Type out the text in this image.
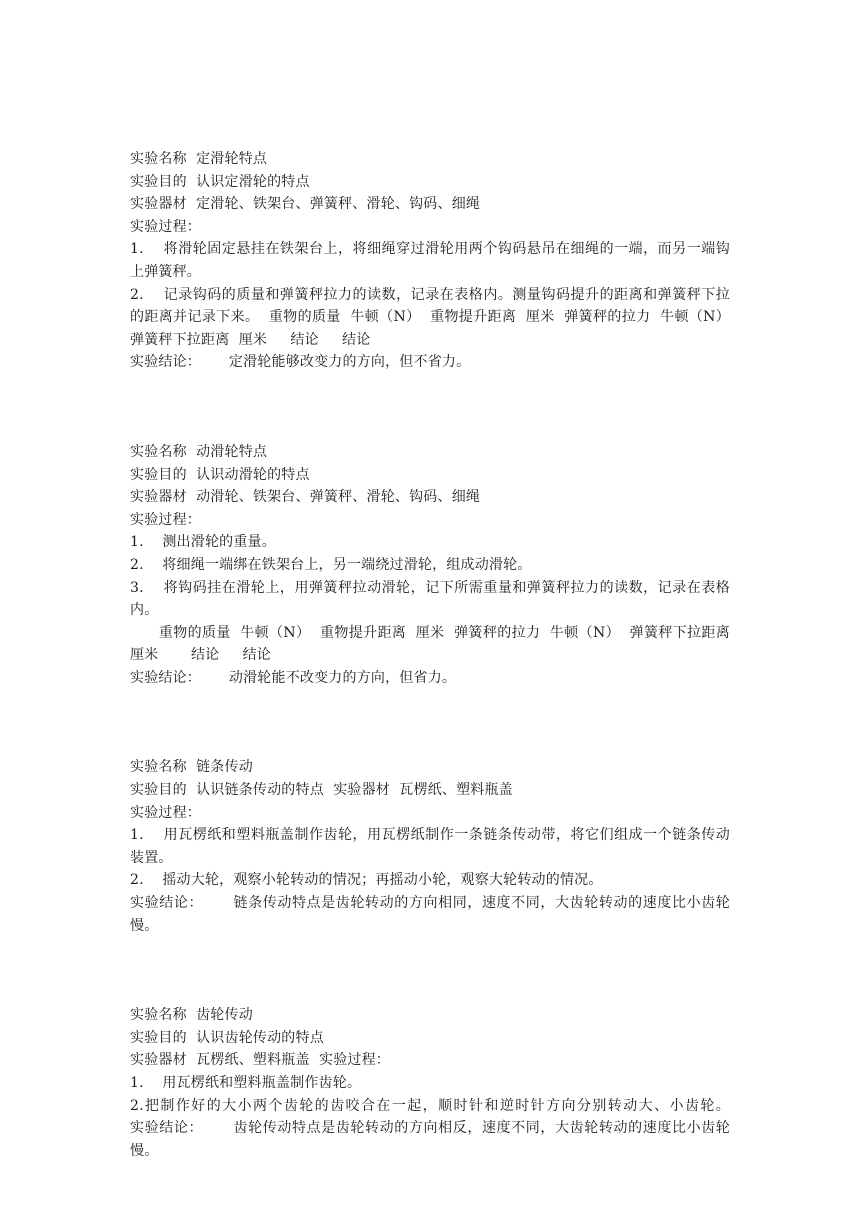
实验名称  定滑轮特点
实验目的  认识定滑轮的特点
实验器材  定滑轮、铁架台、弹簧秤、滑轮、钩码、细绳
实验过程：
1.    将滑轮固定悬挂在铁架台上，将细绳穿过滑轮用两个钩码悬吊在细绳的一端，而另一端钩上弹簧秤。
2.    记录钩码的质量和弹簧秤拉力的读数，记录在表格内。测量钩码提升的距离和弹簧秤下拉的距离并记录下来。  重物的质量  牛顿（N）  重物提升距离  厘米  弹簧秤的拉力  牛顿（N）   弹簧秤下拉距离  厘米     结论     结论
实验结论：      定滑轮能够改变力的方向，但不省力。
实验名称  动滑轮特点
实验目的  认识动滑轮的特点
实验器材  动滑轮、铁架台、弹簧秤、滑轮、钩码、细绳
实验过程：
1.    测出滑轮的重量。
2.    将细绳一端绑在铁架台上，另一端绕过滑轮，组成动滑轮。
3.    将钩码挂在滑轮上，用弹簧秤拉动滑轮，记下所需重量和弹簧秤拉力的读数，记录在表格内。
重物的质量  牛顿（N）  重物提升距离  厘米  弹簧秤的拉力  牛顿（N）  弹簧秤下拉距离  厘米       结论     结论
实验结论：      动滑轮能不改变力的方向，但省力。
实验名称  链条传动
实验目的  认识链条传动的特点  实验器材  瓦楞纸、塑料瓶盖
实验过程：
1.    用瓦楞纸和塑料瓶盖制作齿轮，用瓦楞纸制作一条链条传动带，将它们组成一个链条传动装置。
2.    摇动大轮，观察小轮转动的情况；再摇动小轮，观察大轮转动的情况。
实验结论：      链条传动特点是齿轮转动的方向相同，速度不同，大齿轮转动的速度比小齿轮慢。
实验名称  齿轮传动
实验目的  认识齿轮传动的特点
实验器材  瓦楞纸、塑料瓶盖  实验过程：
1.    用瓦楞纸和塑料瓶盖制作齿轮。
2.把制作好的大小两个齿轮的齿咬合在一起，顺时针和逆时针方向分别转动大、小齿轮。       实验结论：      齿轮传动特点是齿轮转动的方向相反，速度不同，大齿轮转动的速度比小齿轮慢。
